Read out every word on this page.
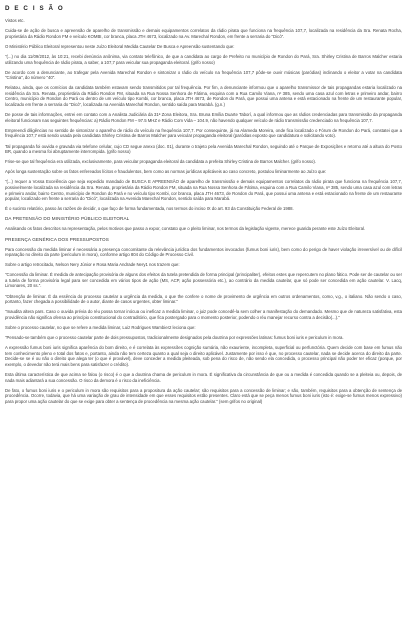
D E C I S Ã O
Vistos etc.
Cuida-se de ação de busca e apreensão de aparelho de transmissão e demais equipamentos correlatos da rádio pirata que funciona na frequência 107,7, localizada na residência da Sra. Renata Rocha, proprietária da Rádio Rondon FM e veículo KOMBI, cor branca, placa JTH 4673, localizado na Av. Marechal Rondon, em frente a serraria do "Dicó".
O Ministério Público Eleitoral representou neste Juízo Eleitoral Medida Cautelar De Busca e Apreensão sustentando que:
"(...) no dia 11/09/2012, às 10:21, recebi denúncia anônima, via contato telefônico, de que a candidata ao cargo de Prefeito no município de Rondon do Pará, Sra. Shirley Cristina de Barros Malcher estaria utilizando uma frequência de rádio pirata, a saber, a 107,7 para veicular sua propaganda eleitoral. (grifo nosso)
De acordo com a denunciante, ao trafegar pela Avenida Marechal Rondon e sintonizar o rádio do veículo na frequência 107,7 pôde-se ouvir músicas (paródias) inclinando o eleitor a votar na candidata "Cristina", do número "40".
Relatou, ainda, que os comícios da candidata também estavam sendo transmitidos por tal frequência. Por fim, a denunciante informou que o aparelho transmissor de tais propagandas estaria localizado na residência da Sra. Renata, proprietária da Rádio Rondon FM, situada na Rua Nossa Senhora de Fátima, esquina com a Rua Camilo Viana, nº 385, sendo uma casa azul com letras e primeiro andar, bairro Centro, município de Rondon do Pará ou dentro de um veículo tipo Kombi, cor branca, placa JTH 4673, de Rondon do Pará, que possui uma antena e está estacionado na frente de um restaurante popular, localizado em frente a serraria do "Dicó", localizada na Avenida Marechal Rondon, sentido saída para Marabá. (g.n.)
De posse de tais informações, entrei em contato com a Analista Judiciária da 31ª Zona Eleitora, Sra. Bruna Emília Duarte Taborí, a qual informou que as rádios credenciadas para transmissão da propaganda eleitoral funcionam nas seguintes frequências: a) Rádio Rondon FM – 97.5 MHZ e Rádio Com Vida – 104.9, não havendo qualquer veículo de rádio transmissão credenciado na frequência 107,7.
Empreendi diligências no sentido de sintonizar o aparelho de rádio do veículo na frequência 107,7. Por consequinte, já na Alameda Moreira, onde fica localizado o Fórum de Rondon do Pará, constatei que a frequência 107,7 está sendo usada pela candidata Shirley Cristina de Barros Malcher para veicular propaganda eleitoral (paródias exposto que candidatura e solicitando voto).
Tal propaganda foi ouvida e gravada via telefone celular, cujo CD segue anexo (doc. 01), durante o trajeto pela Avenida Marechal Rondon, seguindo até o Parque de Exposições e retorno até a altura do Posto BR, quando a mesma foi abruptamente interrompida. (grifo nosso)
Frise-se que tal frequência era utilizada, exclusivamente, para veicular propaganda eleitoral da candidata a prefeita Shirley Cristina de Barros Malcher. (grifo nosso).
Após longa sustentação sobre os fatos enfereados lícitos e fraudulentos, bem como as normas jurídicas aplicáveis ao caso concreto, postulou liminarmente ao Juízo que:
"(...) requer a Vossa Excelência que seja expedido mandado de BUSCA E APREENSÃO de aparelho de transmissão e demais equipamentos correlatos da rádio pirata que funciona na frequência 107,7, possivelmente localizada na residência da Sra. Renata, proprietária da Rádio Rondon FM, situada na Rua Nossa Senhora de Fátima, esquina com a Rua Camilo Viana, nº 385, sendo uma casa azul com letras e primeiro andar, bairro Centro, município de Rondon do Pará e no veículo tipo Kombi, cor branca, placa JTH 4673, de Rondon do Pará, que possui uma antena e está estacionado na frente de um restaurante popular, localizado em frente a serraria do "Dicó", localizada na Avenida Marechal Rondon, sentido saída para Marabá.
É o sucinto relatório, passo às razões de decidir, o que faço de forma fundamentada, nos termos do inciso IX do art. 93 da Constituição Federal de 1988.
DA PRETENSÃO DO MINISTÉRIO PÚBLICO ELEITORAL
Analisando os fatos descritos na representação, pelos motivos que passo a expor, constato que o pleito liminar, nos termos da legislação vigente, merece guarida perante este Juízo Eleitoral.
PRESENÇA GENÉRICA DOS PRESSUPOSTOS
Para concessão da medida liminar é necessária a presença concomitante da relevância jurídica dos fundamentos invocados (fumus boni iuris), bem como do perigo de haver violação irreversível ou de difícil reparação no direito da parte (periculum in mora), conforme artigo 804 do Código de Processo Civil.
Sobre o artigo retrocitado, Nelson Nery Júnior e Rosa Maria Andrade Nery1 nos trazem que:
"Concessão da liminar. É medida de antecipação provisória de alguns dos efeitos da tutela pretendida de forma principal (principaliter), efeitos estes que repercutem no plano fático. Pode ser de cautelar ou ser a tutela de forma provisória legal para ser concedida em vários tipos de ação (MS, ACP, ação possessória etc.), ao contrário da medida cautelar, que só pode ser concedida em ação cautelar. V. Lacq, Limonares, 20 ss.".
"Obtenção de liminar. É da essência do processo cautelar a urgência da medida, o que the confere o nome de provimento de urgência em outros ordenamentos, como, v.g., o italiano. Não sendo o caso, portanto, fazer chegada a possibilidade de o autor, diante de casos urgentes, obter liminar."
"Inaudita altera pars. Caso o ouvida prévia do réu possa tornar inócua ou ineficaz a medida liminar, o juiz pode concedê-la sem colher a manifestação do demandado. Mesmo que de natureza satisfativa, esta providência não significa ofensa ao princípio constitucional do contraditório, que fica postergado para o momento posterior, podendo o réu manejar recurso contra a decisão(...)."
Sobre o processo cautelar, no que se refere a medida liminar, Luiz Rodrigues Wambier2 leciona que:
"Pensado-se também que o processo cautelar parte de dois pressupostos, tradicionalmente designados pela doutrina por expressões latinas: fumus boni iuris e periculum in mora.
A expressão fumus boni iuris significa aparência do bom direito, e é correlata às expressões cognição sumária, não exauriente, incompleta, superficial ou perfunctória. Quem decide com base em fumus não tem conhecimento pleno e total dos fatos e, portanto, ainda não tem certeza quanto a qual seja o direito aplicável. Justamente por isso é que, no processo cautelar, nada se decide acerca do direito da parte. Decide-se se é ou não o direito que alega ter (o que é provável), deve conceder a medida pleiteada, sob pena do risco de, não sendo ela concedida, o processo principal não poder ter eficaz (porque, por exemplo, o devedor não terá mais bens para satisfazer o crédito).
Esta última característica de que acima se falou (o risco) é o que a doutrina chama de periculum in mora. É significativa da circunstância de que ou a medida é concedida quando se a pleiteia ou, depois, de nada mais adiantará a sua concessão. O risco da demora é o risco da ineficiência.
De fato, o fumus boni iuris e o periculum in mora são requisitos para a propositura da ação cautelar; são requisitos para a concessão de liminar; e são, também, requisitos para a obtenção de sentença de procedência. Ocorre, todavia, que há uma variação de grau de intensidade em que esses requisitos estão presentes. Claro está que se peça menos fumus boni iuris (isto é: exige-se fumus menos expressivo) para propor uma ação cautelar do que se exige para obter a sentença de procedência na mesma ação cautelar." (sem grifos no original)
